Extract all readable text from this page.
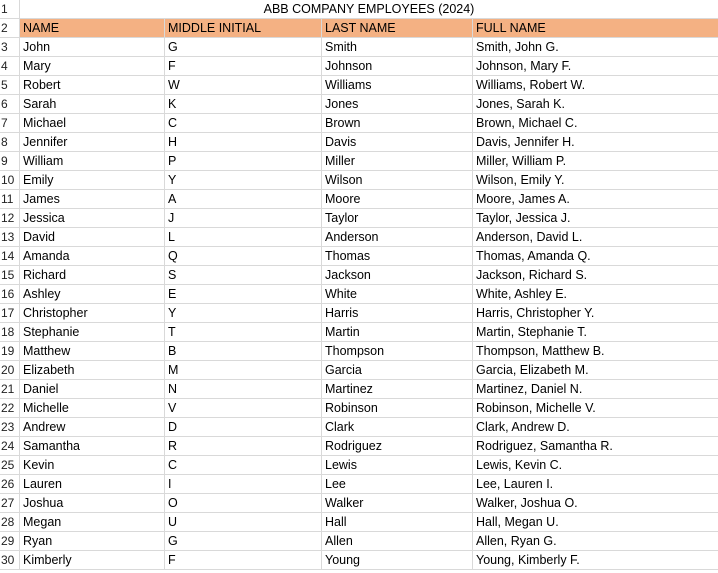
1	ABB COMPANY EMPLOYEES (2024)
2	NAME	MIDDLE INITIAL	LAST NAME	FULL NAME
3	John	G	Smith	Smith, John G.
4	Mary	F	Johnson	Johnson, Mary F.
5	Robert	W	Williams	Williams, Robert W.
6	Sarah	K	Jones	Jones, Sarah K.
7	Michael	C	Brown	Brown, Michael C.
8	Jennifer	H	Davis	Davis, Jennifer H.
9	William	P	Miller	Miller, William P.
10 Emily	Y	Wilson	Wilson, Emily Y.
11 James	A	Moore	Moore, James A.
12 Jessica	J	Taylor	Taylor, Jessica J.
13 David	L	Anderson	Anderson, David L.
14 Amanda	Q	Thomas	Thomas, Amanda Q.
15 Richard	S	Jackson	Jackson, Richard S.
16 Ashley	E	White	White, Ashley E.
17 Christopher	Y	Harris	Harris, Christopher Y.
18 Stephanie	T	Martin	Martin, Stephanie T.
19 Matthew	B	Thompson	Thompson, Matthew B.
20 Elizabeth	M	Garcia	Garcia, Elizabeth M.
21 Daniel	N	Martinez	Martinez, Daniel N.
22 Michelle	V	Robinson	Robinson, Michelle V.
23 Andrew	D	Clark	Clark, Andrew D.
24 Samantha	R	Rodriguez	Rodriguez, Samantha R.
25 Kevin	C	Lewis	Lewis, Kevin C.
26 Lauren	I	Lee	Lee, Lauren I.
27 Joshua	O	Walker	Walker, Joshua O.
28 Megan	U	Hall	Hall, Megan U.
29 Ryan	G	Allen	Allen, Ryan G.
30 Kimberly	F	Young	Young, Kimberly F.
